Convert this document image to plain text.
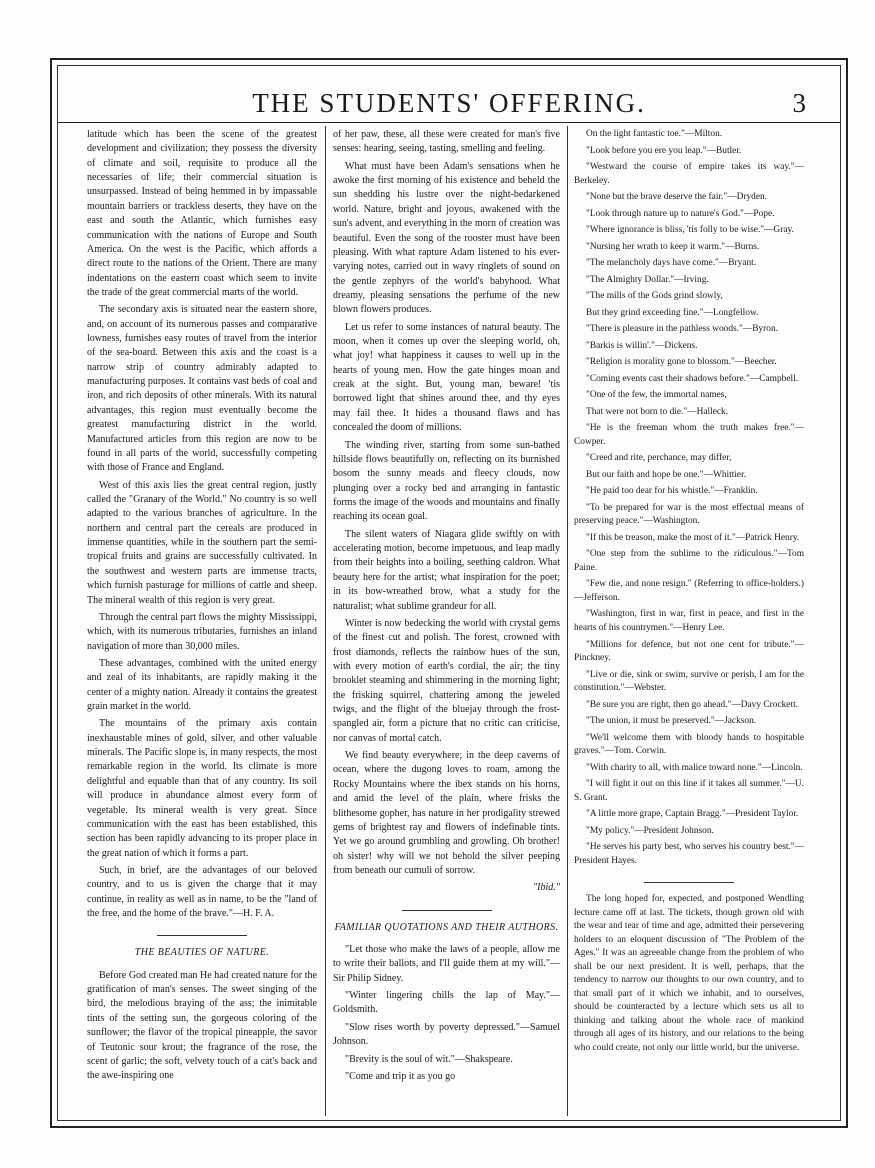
THE STUDENTS' OFFERING.	3

latitude which has been the scene of the greatest development and civilization; they possess the diversity of climate and soil, requisite to produce all the necessaries of life; their commercial situation is unsurpassed. Instead of being hemmed in by impassable mountain barriers or trackless deserts, they have on the east and south the Atlantic, which furnishes easy communication with the nations of Europe and South America. On the west is the Pacific, which affords a direct route to the nations of the Orient. There are many indentations on the eastern coast which seem to invite the trade of the great commercial marts of the world.

The secondary axis is situated near the eastern shore, and, on account of its numerous passes and comparative lowness, furnishes easy routes of travel from the interior of the sea-board. Between this axis and the coast is a narrow strip of country admirably adapted to manufacturing purposes. It contains vast beds of coal and iron, and rich deposits of other minerals. With its natural advantages, this region must eventually become the greatest manufacturing district in the world. Manufactured articles from this region are now to be found in all parts of the world, successfully competing with those of France and England.

West of this axis lies the great central region, justly called the "Granary of the World." No country is so well adapted to the various branches of agriculture. In the northern and central part the cereals are produced in immense quantities, while in the southern part the semi-tropical fruits and grains are successfully cultivated. In the southwest and western parts are immense tracts, which furnish pasturage for millions of cattle and sheep. The mineral wealth of this region is very great.

Through the central part flows the mighty Mississippi, which, with its numerous tributaries, furnishes an inland navigation of more than 30,000 miles.

These advantages, combined with the united energy and zeal of its inhabitants, are rapidly making it the center of a mighty nation. Already it contains the greatest grain market in the world.

The mountains of the primary axis contain inexhaustable mines of gold, silver, and other valuable minerals. The Pacific slope is, in many respects, the most remarkable region in the world. Its climate is more delightful and equable than that of any country. Its soil will produce in abundance almost every form of vegetable. Its mineral wealth is very great. Since communication with the east has been established, this section has been rapidly advancing to its proper place in the great nation of which it forms a part.

Such, in brief, are the advantages of our beloved country, and to us is given the charge that it may continue, in reality as well as in name, to be the "land of the free, and the home of the brave."—H. F. A.

THE BEAUTIES OF NATURE.

Before God created man He had created nature for the gratification of man's senses. The sweet singing of the bird, the melodious braying of the ass; the inimitable tints of the setting sun, the gorgeous coloring of the sunflower; the flavor of the tropical pineapple, the savor of Teutonic sour krout; the fragrance of the rose, the scent of garlic; the soft, velvety touch of a cat's back and the awe-inspiring one

of her paw, these, all these were created for man's five senses: hearing, seeing, tasting, smelling and feeling.

What must have been Adam's sensations when he awoke the first morning of his existence and beheld the sun shedding his lustre over the night-bedarkened world. Nature, bright and joyous, awakened with the sun's advent, and everything in the morn of creation was beautiful. Even the song of the rooster must have been pleasing. With what rapture Adam listened to his ever-varying notes, carried out in wavy ringlets of sound on the gentle zephyrs of the world's babyhood. What dreamy, pleasing sensations the perfume of the new blown flowers produces.

Let us refer to some instances of natural beauty. The moon, when it comes up over the sleeping world, oh, what joy! what happiness it causes to well up in the hearts of young men. How the gate hinges moan and creak at the sight. But, young man, beware! 'tis borrowed light that shines around thee, and thy eyes may fail thee. It hides a thousand flaws and has concealed the doom of millions.

The winding river, starting from some sun-bathed hillside flows beautifully on, reflecting on its burnished bosom the sunny meads and fleecy clouds, now plunging over a rocky bed and arranging in fantastic forms the image of the woods and mountains and finally reaching its ocean goal.

The silent waters of Niagara glide swiftly on with accelerating motion, become impetuous, and leap madly from their heights into a boiling, seething caldron. What beauty here for the artist; what inspiration for the poet; in its bow-wreathed brow, what a study for the naturalist; what sublime grandeur for all.

Winter is now bedecking the world with crystal gems of the finest cut and polish. The forest, crowned with frost diamonds, reflects the rainbow hues of the sun, with every motion of earth's cordial, the air; the tiny brooklet steaming and shimmering in the morning light; the frisking squirrel, chattering among the jeweled twigs, and the flight of the bluejay through the frost-spangled air, form a picture that no critic can criticise, nor canvas of mortal catch.

We find beauty everywhere; in the deep caverns of ocean, where the dugong loves to roam, among the Rocky Mountains where the ibex stands on his horns, and amid the level of the plain, where frisks the blithesome gopher, has nature in her prodigality strewed gems of brightest ray and flowers of indefinable tints. Yet we go around grumbling and growling. Oh brother! oh sister! why will we not behold the silver peeping from beneath our cumuli of sorrow.

"Ibid."
FAMILIAR QUOTATIONS AND THEIR AUTHORS.

"Let those who make the laws of a people, allow me to write their ballots, and I'll guide them at my will."—Sir Philip Sidney.

"Winter lingering chills the lap of May."—Goldsmith.

"Slow rises worth by poverty depressed."—Samuel Johnson.

"Brevity is the soul of wit."—Shakspeare.

"Come and trip it as you go

On the light fantastic toe."—Milton.

"Look before you ere you leap."—Butler.

"Westward the course of empire takes its way."—Berkeley.

"None but the brave deserve the fair."—Dryden.

"Look through nature up to nature's God."—Pope.

"Where ignorance is bliss, 'tis folly to be wise."—Gray.

"Nursing her wrath to keep it warm."—Burns.

"The melancholy days have come."—Bryant.

"The Almighty Dollar."—Irving.

"The mills of the Gods grind slowly,

But they grind exceeding fine."—Longfellow.

"There is pleasure in the pathless woods."—Byron.

"Barkis is willin'."—Dickens.

"Religion is morality gone to blossom."—Beecher.

"Coming events cast their shadows before."—Campbell.

"One of the few, the immortal names,

That were not born to die."—Halleck.

"He is the freeman whom the truth makes free."—Cowper.

"Creed and rite, perchance, may differ,

But our faith and hope be one."—Whittier.

"He paid too dear for his whistle."—Franklin.

"To be prepared for war is the most effectual means of preserving peace."—Washington.

"If this be treason, make the most of it."—Patrick Henry.

"One step from the sublime to the ridiculous."—Tom Paine.

"Few die, and none resign." (Referring to office-holders.)—Jefferson.

"Washington, first in war, first in peace, and first in the hearts of his countrymen."—Henry Lee.

"Millions for defence, but not one cent for tribute."—Pinckney.

"Live or die, sink or swim, survive or perish, I am for the constitution."—Webster.

"Be sure you are right, then go ahead."—Davy Crockett.

"The union, it must be preserved."—Jackson.

"We'll welcome them with bloody hands to hospitable graves."—Tom. Corwin.

"With charity to all, with malice toward none."—Lincoln.

"I will fight it out on this line if it takes all summer."—U. S. Grant.

"A little more grape, Captain Bragg."—President Taylor.

"My policy."—President Johnson.

"He serves his party best, who serves his country best."—President Hayes.

The long hoped for, expected, and postponed Wendling lecture came off at last. The tickets, though grown old with the wear and tear of time and age, admitted their persevering holders to an eloquent discussion of "The Problem of the Ages." It was an agreeable change from the problem of who shall be our next president. It is well, perhaps, that the tendency to narrow our thoughts to our own country, and to that small part of it which we inhabit, and to ourselves, should be counteracted by a lecture which sets us all to thinking and talking about the whole race of mankind through all ages of its history, and our relations to the being who could create, not only our little world, but the universe.
